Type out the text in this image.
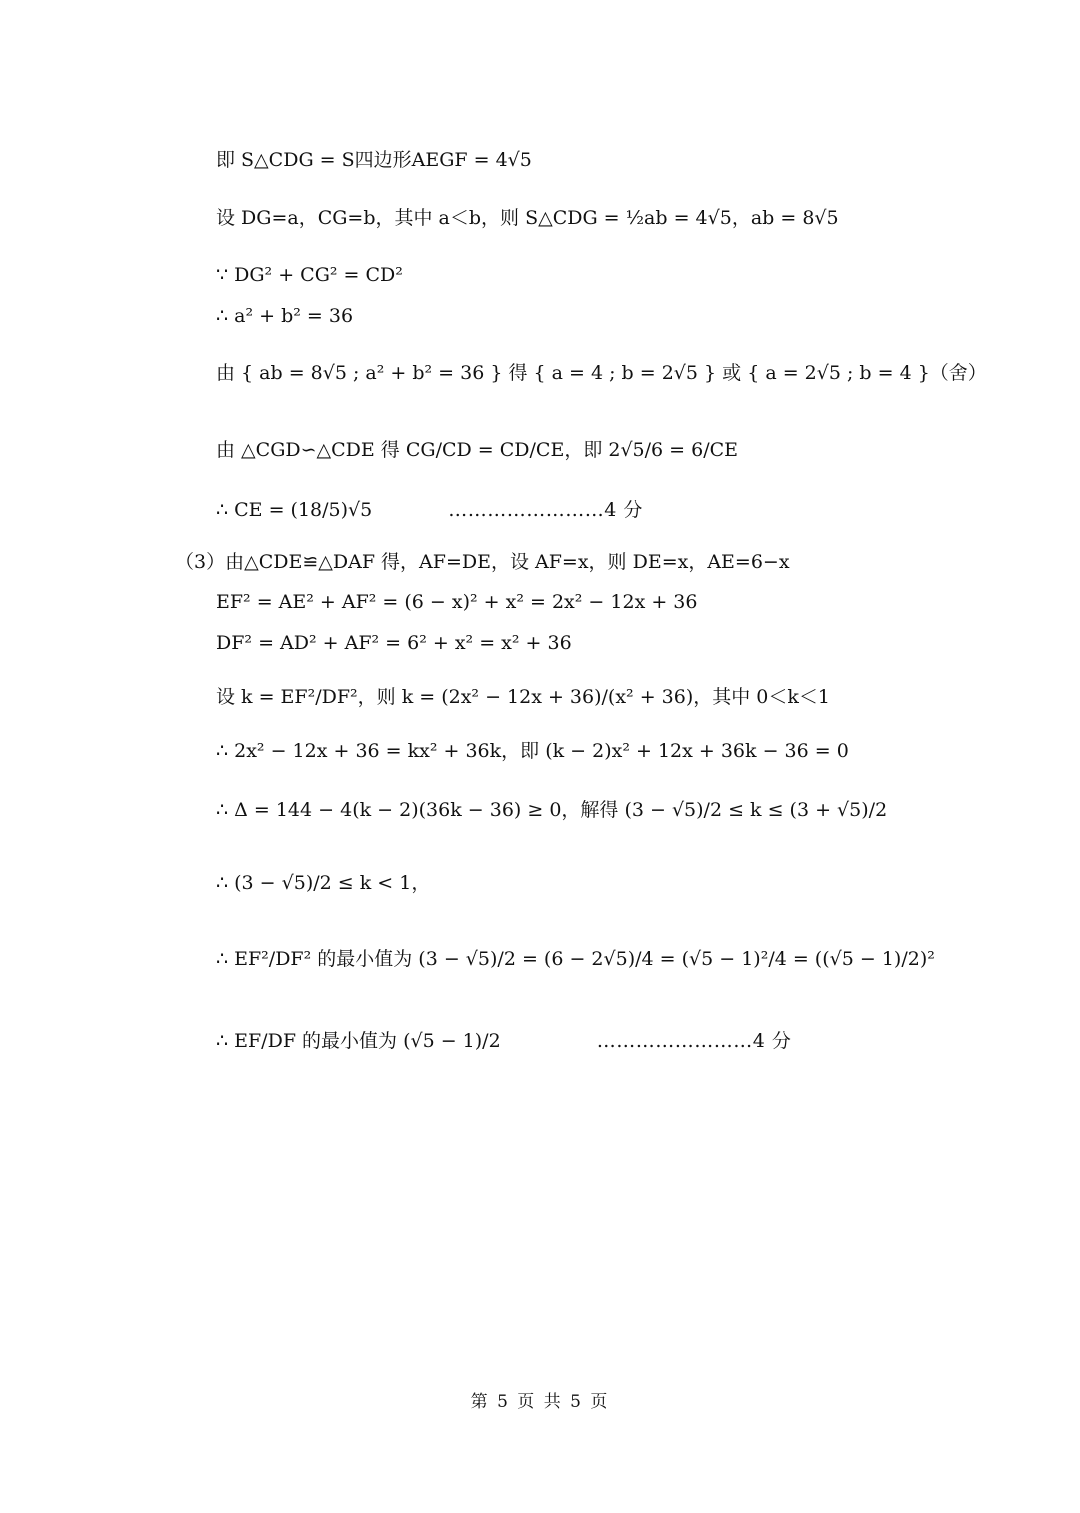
即 S△CDG = S四边形AEGF = 4√5
设 DG=a，CG=b，其中 a＜b，则 S△CDG = ½ab = 4√5，ab = 8√5
∵ DG² + CG² = CD²
∴ a² + b² = 36
由 { ab = 8√5 ; a² + b² = 36 } 得 { a = 4 ; b = 2√5 } 或 { a = 2√5 ; b = 4 }（舍）
由 △CGD∽△CDE 得 CG/CD = CD/CE，即 2√5/6 = 6/CE
∴ CE = (18/5)√5	……………………4 分
（3）由△CDE≌△DAF 得，AF=DE，设 AF=x，则 DE=x，AE=6−x
EF² = AE² + AF² = (6 − x)² + x² = 2x² − 12x + 36
DF² = AD² + AF² = 6² + x² = x² + 36
设 k = EF²/DF²，则 k = (2x² − 12x + 36)/(x² + 36)，其中 0＜k＜1
∴ 2x² − 12x + 36 = kx² + 36k，即 (k − 2)x² + 12x + 36k − 36 = 0
∴ Δ = 144 − 4(k − 2)(36k − 36) ≥ 0，解得 (3 − √5)/2 ≤ k ≤ (3 + √5)/2
∴ (3 − √5)/2 ≤ k < 1，
∴ EF²/DF² 的最小值为 (3 − √5)/2 = (6 − 2√5)/4 = (√5 − 1)²/4 = ((√5 − 1)/2)²
∴ EF/DF 的最小值为 (√5 − 1)/2	……………………4 分
第 5 页 共 5 页
